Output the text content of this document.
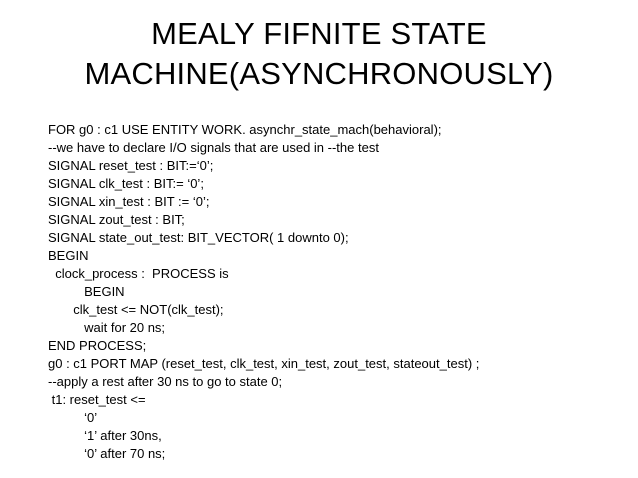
MEALY FIFNITE STATE
MACHINE(ASYNCHRONOUSLY)
FOR g0 : c1 USE ENTITY WORK. asynchr_state_mach(behavioral);
--we have to declare I/O signals that are used in --the test
SIGNAL reset_test : BIT:=‘0’;
SIGNAL clk_test : BIT:= ‘0’;
SIGNAL xin_test : BIT := ‘0’;
SIGNAL zout_test : BIT;
SIGNAL state_out_test: BIT_VECTOR( 1 downto 0);
BEGIN
clock_process :  PROCESS is
BEGIN
clk_test <= NOT(clk_test);
wait for 20 ns;
END PROCESS;
g0 : c1 PORT MAP (reset_test, clk_test, xin_test, zout_test, stateout_test) ;
--apply a rest after 30 ns to go to state 0;
t1: reset_test <=
‘0’
‘1’ after 30ns,
‘0’ after 70 ns;
